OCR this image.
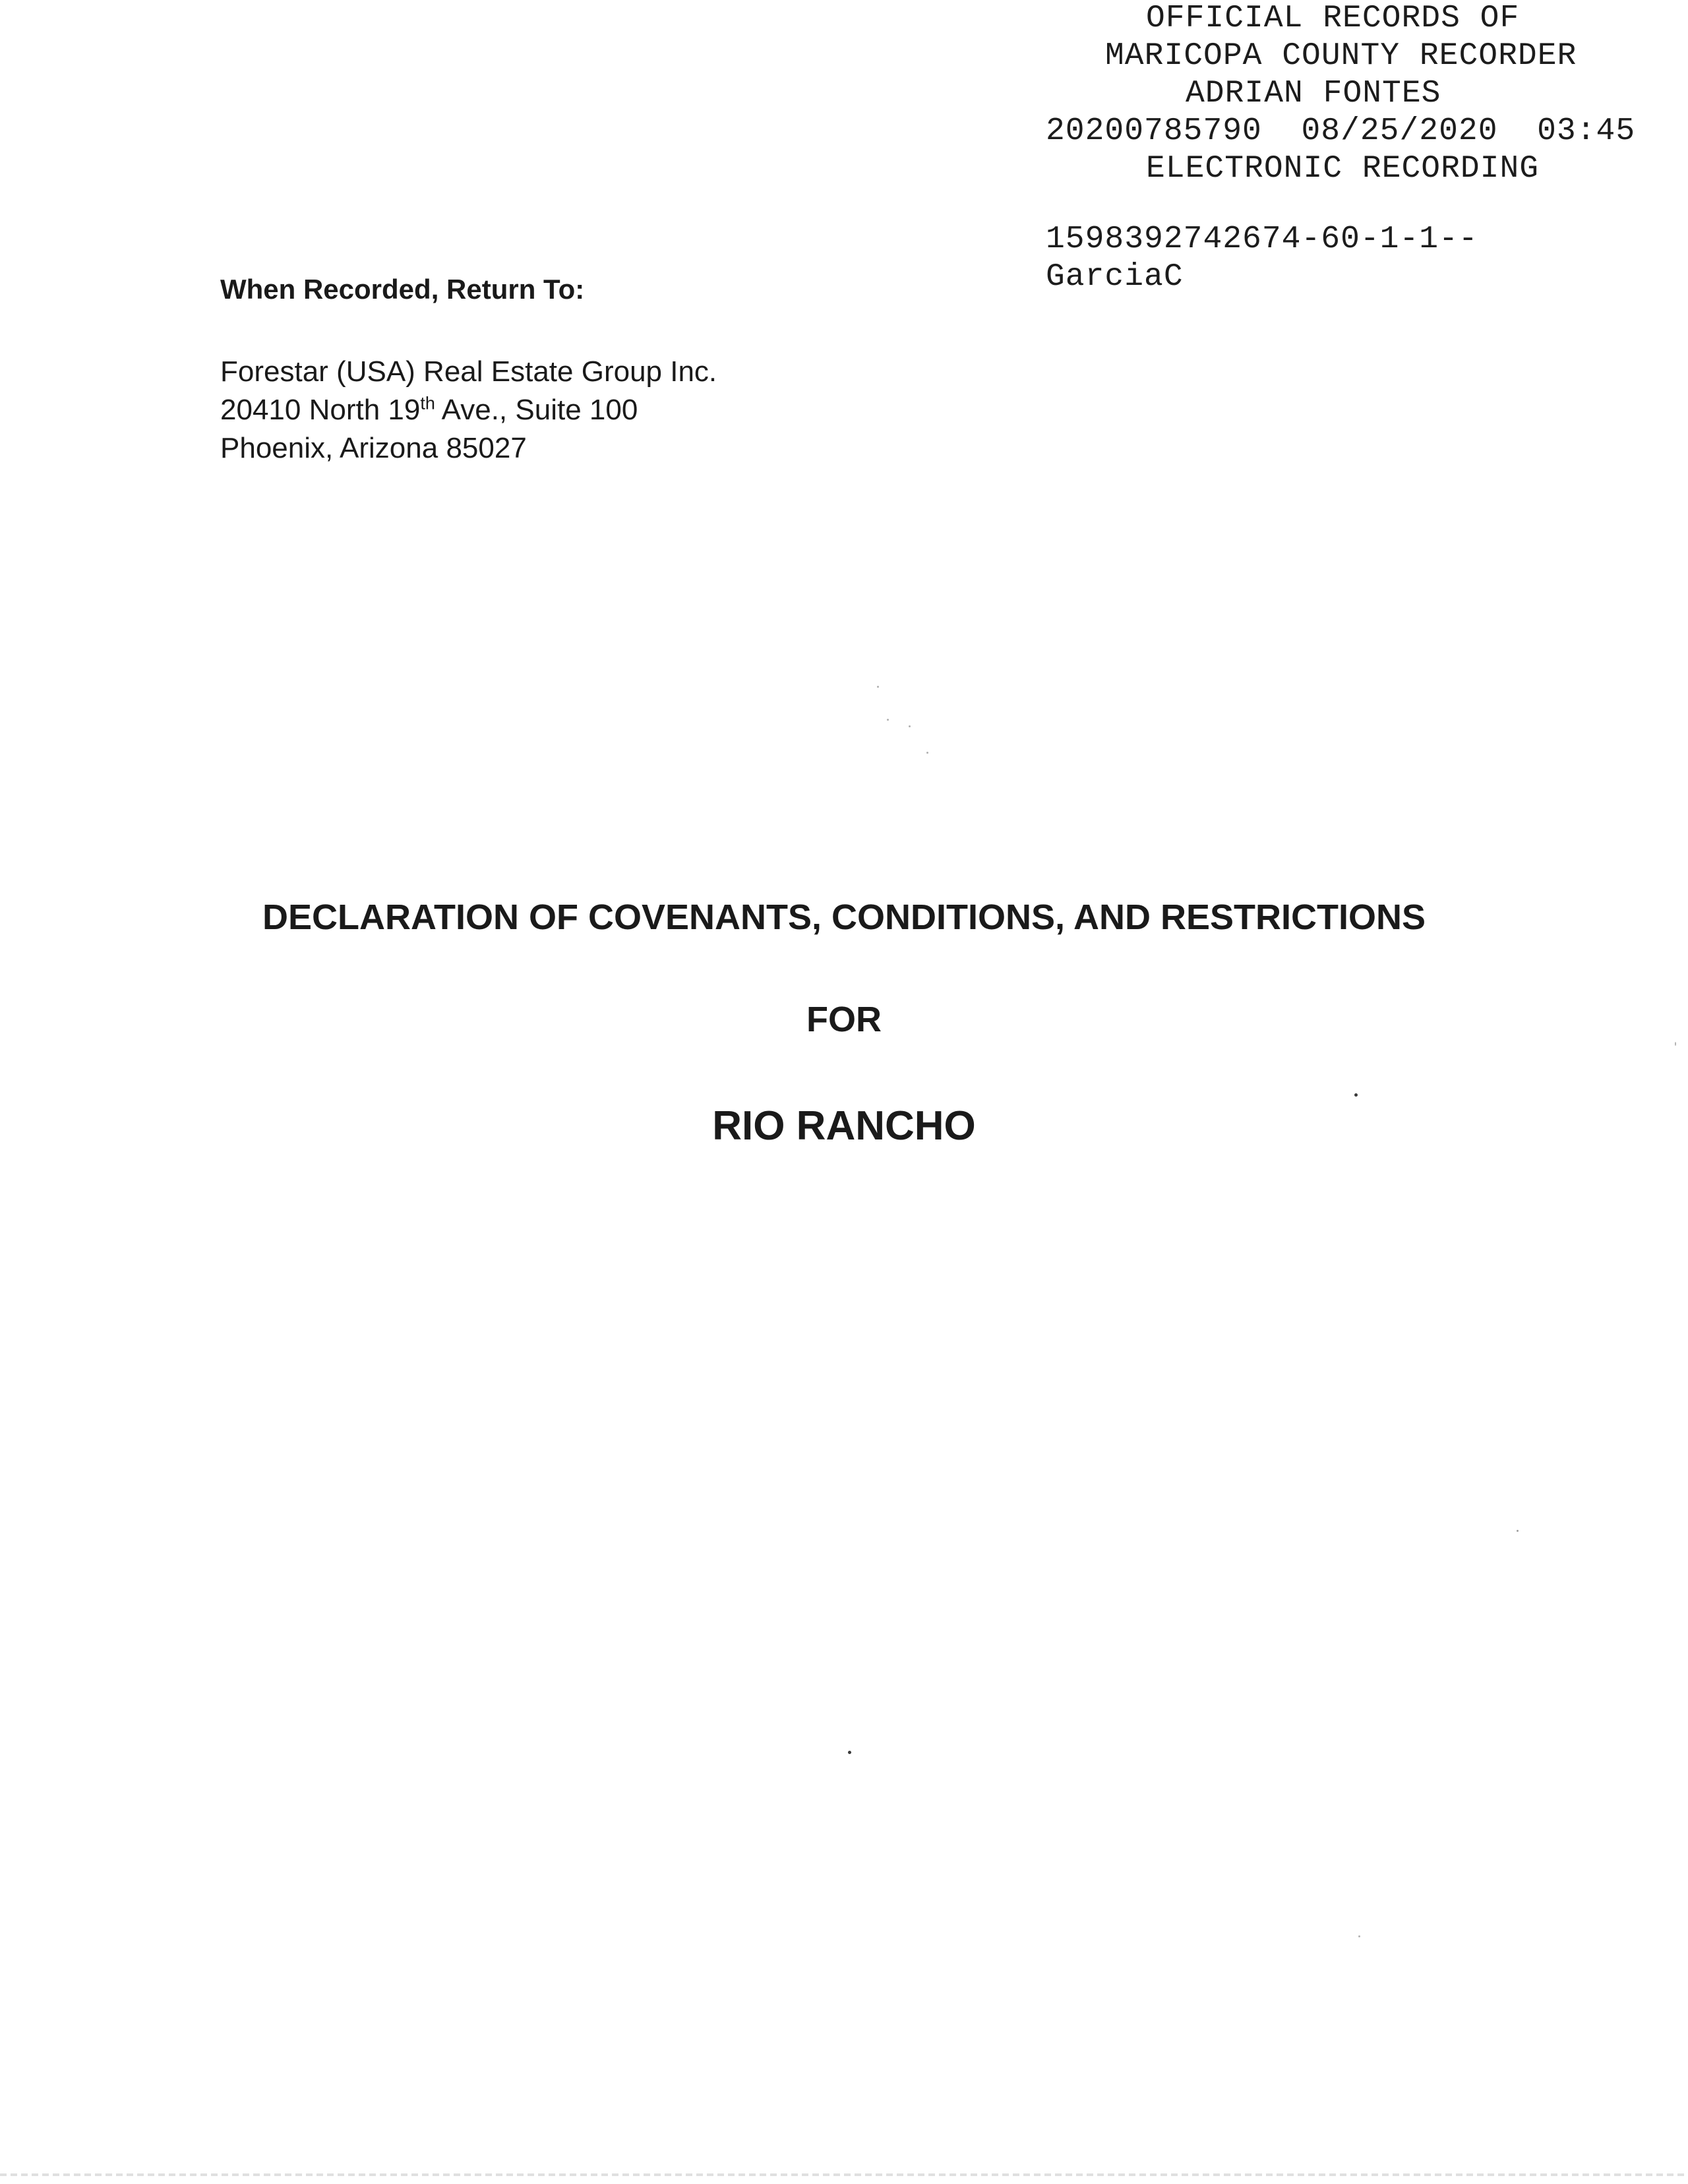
OFFICIAL RECORDS OF
MARICOPA COUNTY RECORDER
ADRIAN FONTES
20200785790  08/25/2020  03:45
ELECTRONIC RECORDING
1598392742674-60-1-1--
GarciaC
When Recorded, Return To:
Forestar (USA) Real Estate Group Inc.
20410 North 19th Ave., Suite 100
Phoenix, Arizona 85027
DECLARATION OF COVENANTS, CONDITIONS, AND RESTRICTIONS
FOR
RIO RANCHO
